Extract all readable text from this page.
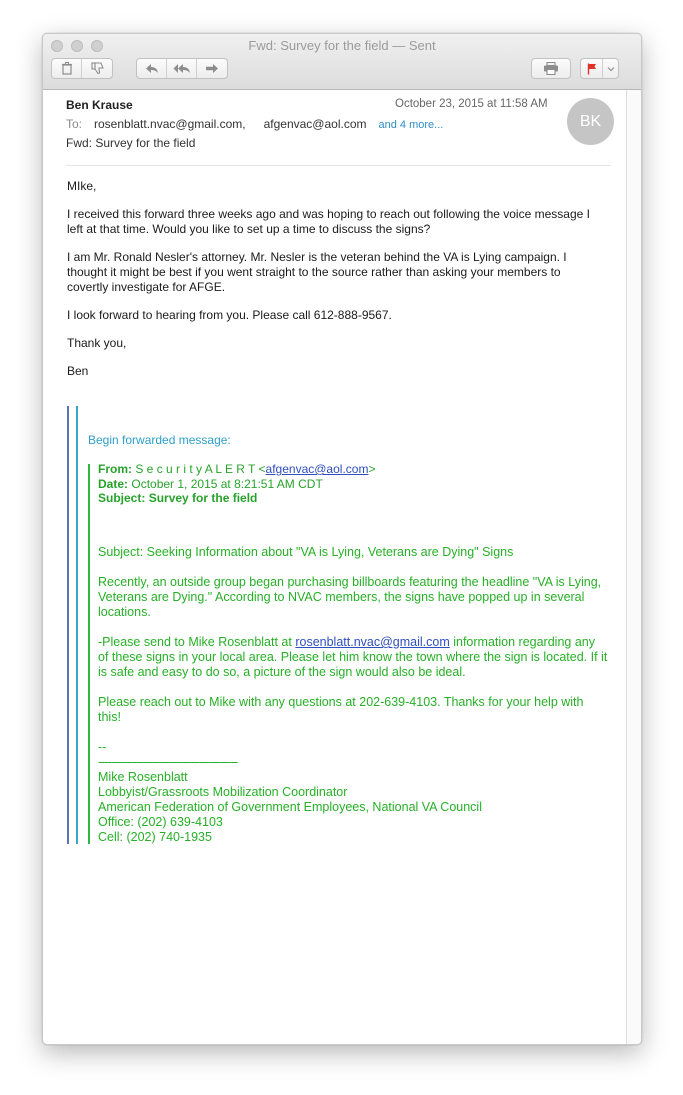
Fwd: Survey for the field — Sent
Ben Krause	October 23, 2015 at 11:58 AM
To: rosenblatt.nvac@gmail.com, afgenvac@aol.com and 4 more...
Fwd: Survey for the field
BK

MIke,

I received this forward three weeks ago and was hoping to reach out following the voice message I left at that time. Would you like to set up a time to discuss the signs?

I am Mr. Ronald Nesler's attorney. Mr. Nesler is the veteran behind the VA is Lying campaign. I thought it might be best if you went straight to the source rather than asking your members to covertly investigate for AFGE.

I look forward to hearing from you. Please call 612-888-9567.

Thank you,

Ben

Begin forwarded message:
From: S e c u r i t y A L E R T <afgenvac@aol.com>
Date: October 1, 2015 at 8:21:51 AM CDT
Subject: Survey for the field

Subject: Seeking Information about "VA is Lying, Veterans are Dying" Signs

Recently, an outside group began purchasing billboards featuring the headline "VA is Lying, Veterans are Dying." According to NVAC members, the signs have popped up in several locations.

-Please send to Mike Rosenblatt at rosenblatt.nvac@gmail.com information regarding any of these signs in your local area. Please let him know the town where the sign is located. If it is safe and easy to do so, a picture of the sign would also be ideal.

Please reach out to Mike with any questions at 202-639-4103. Thanks for your help with this!

--
--------------------------------------------
Mike Rosenblatt
Lobbyist/Grassroots Mobilization Coordinator
American Federation of Government Employees, National VA Council
Office: (202) 639-4103
Cell: (202) 740-1935
